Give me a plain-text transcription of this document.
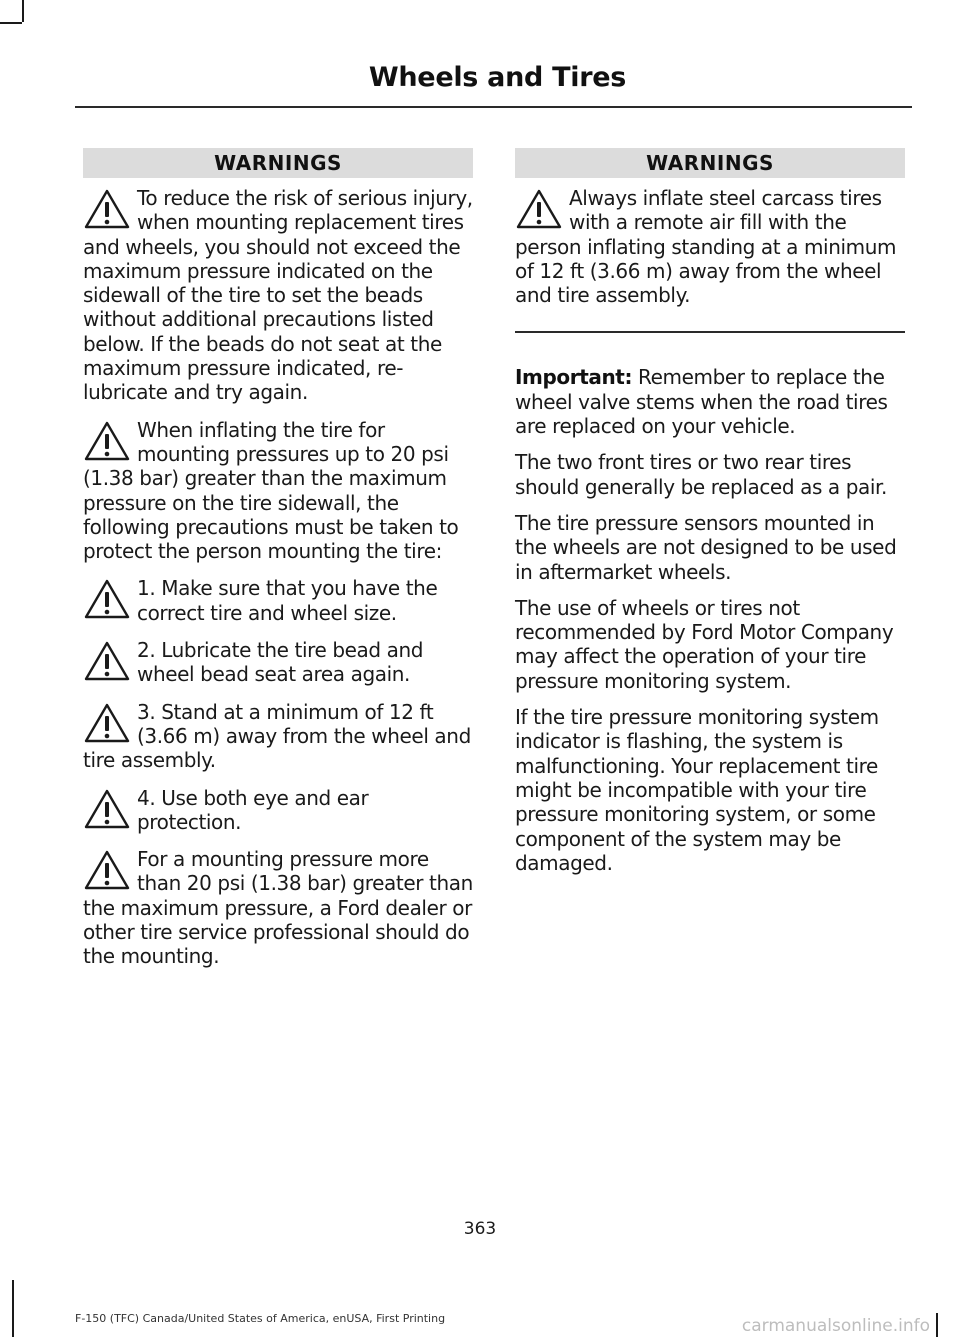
Wheels and Tires
WARNINGS
To reduce the risk of serious injury, when mounting replacement tires and wheels, you should not exceed the maximum pressure indicated on the sidewall of the tire to set the beads without additional precautions listed below. If the beads do not seat at the maximum pressure indicated, re-lubricate and try again.
When inflating the tire for mounting pressures up to 20 psi (1.38 bar) greater than the maximum pressure on the tire sidewall, the following precautions must be taken to protect the person mounting the tire:
1. Make sure that you have the correct tire and wheel size.
2. Lubricate the tire bead and wheel bead seat area again.
3. Stand at a minimum of 12 ft (3.66 m) away from the wheel and tire assembly.
4. Use both eye and ear protection.
For a mounting pressure more than 20 psi (1.38 bar) greater than the maximum pressure, a Ford dealer or other tire service professional should do the mounting.
WARNINGS
Always inflate steel carcass tires with a remote air fill with the person inflating standing at a minimum of 12 ft (3.66 m) away from the wheel and tire assembly.

Important: Remember to replace the wheel valve stems when the road tires are replaced on your vehicle.

The two front tires or two rear tires should generally be replaced as a pair.

The tire pressure sensors mounted in the wheels are not designed to be used in aftermarket wheels.

The use of wheels or tires not recommended by Ford Motor Company may affect the operation of your tire pressure monitoring system.

If the tire pressure monitoring system indicator is flashing, the system is malfunctioning. Your replacement tire might be incompatible with your tire pressure monitoring system, or some component of the system may be damaged.

363
F-150 (TFC) Canada/United States of America, enUSA, First Printing	carmanualsonline.info
